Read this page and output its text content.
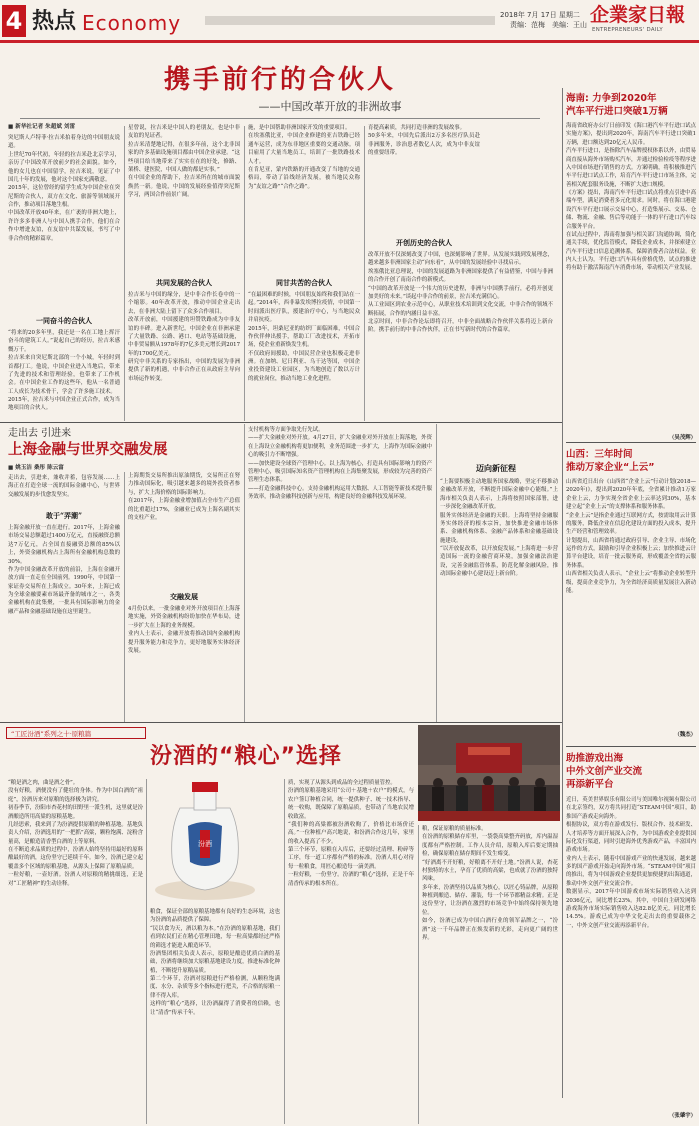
4 热点 Economy	2018年 7月 17日 星期二
责编：范梅　美编：王山 企業家日報
ENTREPRENEURS' DAILY
携手前行的合伙人
——中国改革开放的非洲故事
■ 新华社记者 朱超斌 刘雷
突尼斯人卢特菲·拉吉米拍着身边的中国朋友说道。
上世纪70年代初，年轻的拉吉米赴北京学习，亲历了中国改革开放前夕的社会面貌。如今，他的女儿也在中国留学，拉吉米说，见证了中国几十年的发展，他对这个国家充满敬意。
2015年，这位曾经的留学生成为中国企业在突尼斯的合伙人，双方在文化、旅游等领域展开合作，推动项目落地生根。
中国改革开放40年来，在广袤的非洲大地上，许许多多非洲人与中国人携手合作，他们在合作中增进友谊，在友谊中共谋发展，书写了中非合作的精彩篇章。
一同奋斗的合伙人
“将来的20多年里，我还是一名在工地上挥汗奋斗的建筑工人。”说起自己的经历，拉吉米感慨万千。
拉吉米来自突尼斯北部的一个小城，年轻时到首都打工。他说，中国企业进入当地后，带来了先进的技术和管理经验，也带来了工作机会。在中国企业工作的这些年，他从一名普通工人成长为技术骨干，学会了许多施工技术。
2015年，拉吉米与中国企业正式合作，成为当地项目的合伙人。
星曾说，拉吉米是中国人的老朋友，也是中非友谊的见证者。
拉吉米清楚地记得，在很多年前，这个北非国家的许多基础设施项目都由中国企业承建。“这些项目给当地带来了实实在在的好处，修路、架桥、建医院，中国人做的都是实事。”
在中国企业的帮助下，拉吉米所在的城市面貌焕然一新。他说，中国的发展经验值得突尼斯学习，两国合作前景广阔。
共同发展的合伙人
拉吉米与中国的缘分，是中非合作长卷中的一个缩影。40年改革开放，推动中国企业走出去，在非洲大陆上留下了众多合作项目。
改革开放前，中国援建的坦赞铁路成为中非友谊的丰碑。进入新世纪，中国企业在非洲承建了大量铁路、公路、港口、电站等基础设施，中非贸易额从1978年的7亿多美元增长到2017年的1700亿美元。
研究中非关系的专家指出，中国的发展为非洲提供了新的机遇，中非合作正在从政府主导向市场运作转变。
施，是中国帮助非洲国家开发的重要项目。
在埃塞俄比亚，中国企业修建的亚吉铁路已经通车运营，成为东非地区重要的交通动脉。项目雇用了大量当地员工，培训了一批铁路技术人才。
在肯尼亚，蒙内铁路的开通改变了当地的交通格局，带动了沿线经济发展，被当地民众称为“友谊之路”“合作之路”。
同甘共苦的合伙人
“在最困难的时候，中国朋友始终和我们站在一起。”2014年，西非暴发埃博拉疫情，中国第一时间派出医疗队，援建治疗中心，与当地民众并肩抗疫。
2015年，坦桑尼亚的纺织厂面临困难，中国合作伙伴伸出援手，帮助工厂改进技术，开拓市场，使企业重新焕发生机。
不仅政府间援助，中国民营企业也积极走进非洲。在加纳、尼日利亚、乌干达等国，中国企业投资建设工业园区，为当地创造了数以万计的就业岗位，推动当地工业化进程。
育提高素质，共同打造非洲的发展故事。
50多年来，中国先后派出2万多名医疗队员赴非洲服务，诊治患者数亿人次，成为中非友谊的重要纽带。
开创历史的合伙人
改革开放不仅深刻改变了中国，也深刻影响了世界。从发展实践到发展理念，越来越多非洲国家主动“向东看”，从中国的发展经验中寻找启示。
埃塞俄比亚总理说，中国的发展道路为非洲国家提供了有益借鉴，中国与非洲的合作开创了南南合作的新模式。
“中国的改革开放是一个伟大的历史进程，非洲与中国携手前行，必将开创更加美好的未来。”谈起中非合作的前景，拉吉米充满信心。
从工业园区到农业示范中心，从职业技术培训到文化交流，中非合作的领域不断拓展，合作的内涵日益丰富。
北京时间，中非合作论坛即将召开，中非全面战略合作伙伴关系将迈上新台阶。携手前行的中非合作伙伴，正在书写新时代的合作篇章。
海南: 力争到2020年
汽车平行进口突破1万辆
海南省政府办公厅日前印发《海口港汽车平行进口试点实施方案》，提出到2020年，海南汽车平行进口突破1万辆，进口额达到20亿元人民币。
汽车平行进口，是指除汽车品牌授权体系以外，由贸易商直接从海外市场购买汽车，并通过检验检疫等程序进入中国市场进行销售的方式。方案明确，将积极推进汽车平行进口试点工作，培育汽车平行进口市场主体，完善相关配套服务设施，不断扩大进口规模。
《方案》提出，海南汽车平行进口试点将重点引进中高端车型，满足消费者多元化需求。同时，将在海口港建设汽车平行进口展示交易中心，打造集展示、交易、仓储、物流、金融、售后等功能于一体的平行进口汽车综合服务平台。
在试点过程中，海南将加强与相关部门沟通协调，简化通关手续，优化监管模式，降低企业成本，并探索建立汽车平行进口信息追溯体系，保障消费者合法权益。业内人士认为，平行进口汽车具有价格优势，试点的推进将有助于激活海南汽车消费市场，带动相关产业发展。
（吴茂辉）
走出去 引进来
上海金融与世界交融发展
■ 姚玉洁 桑彤 陈云富
走出去，引进来，兼收并蓄，包容发展……上海正在打造全球一流的国际金融中心，与世界交融发展的步伐愈发坚实。
敢于“弄潮”
上海金融开放一直在进行。2017年，上海金融市场交易总额超过1400万亿元，直接融资总额达7万亿元，占全国直接融资总额的85%以上，外资金融机构占上海所有金融机构总数的30%。
作为中国金融改革开放的前沿，上海在金融开放方面一直走在全国前列。1990年，中国第一家证券交易所在上海成立。30年来，上海已成为全球金融要素市场最齐备的城市之一，各类金融机构在此集聚，一批具有国际影响力的金融产品和金融基础设施在这里诞生。
上海期货交易所推出原油期货，交易所正在努力推动国际化，吸引越来越多的境外投资者参与，扩大上海价格的国际影响力。
在2017年，上海金融业增加值占全市生产总值的比重超过17%，金融业已成为上海名副其实的支柱产业。
交融发展
4月份以来，一批金融业对外开放项目在上海落地实施，外资金融机构纷纷加快在华布局，进一步扩大在上海的业务规模。
业内人士表示，金融开放将推动国内金融机构提升服务能力和竞争力，更好地服务实体经济发展。
支付机构等方面争取先行先试。
——扩大金融业对外开放。4月27日，扩大金融业对外开放在上海落地，外资在上海设立金融机构将更加便利，业务范围进一步扩大，上海作为国际金融中心的吸引力不断增强。
——加快建设全球资产管理中心。以上海为核心，打造具有国际影响力的资产管理中心，吸引国际知名资产管理机构在上海集聚发展，形成较为完善的资产管理生态体系。
——打造金融科技中心。支持金融机构运用大数据、人工智能等新技术提升服务效率，推动金融科技创新与应用，构建良好的金融科技发展环境。
迈向新征程
“上海要积极主动地服务国家战略，坚定不移推动金融改革开放，不断提升国际金融中心能级。”上海市相关负责人表示，上海将按照国家部署，进一步深化金融改革开放。
服务实体经济是金融的天职。上海将坚持金融服务实体经济的根本宗旨，加快推进金融市场体系、金融机构体系、金融产品体系和金融基础设施建设。
“以开放促改革，以开放促发展。”上海将进一步营造国际一流的金融营商环境，加强金融法治建设，完善金融监管体系，防范化解金融风险，推动国际金融中心建设迈上新台阶。
山西：三年时间
推动万家企业“上云”
山西省近日出台《山西省“企业上云”行动计划(2018—2020年)》，提出到2020年年底，全省累计推动1万家企业上云，力争实现全省企业上云率达到30%，基本建立起“企业上云”的支撑体系和服务体系。
“企业上云”是指企业通过互联网方式，按需取用云计算的服务，降低企业在信息化建设方面的投入成本，提升生产经营和管理效率。
计划提出，山西省将通过政府引导、企业主导、市场化运作的方式，鼓励和引导企业积极上云；加快推进云计算平台建设，培育一批云服务商，形成覆盖全省的云服务体系。
山西省相关负责人表示，“企业上云”将推动企业转型升级，提高企业竞争力，为全省经济高质量发展注入新动能。
（魏杰）
“工匠汾酒”系列之十·原粮篇
汾酒的“粮心”选择
汾酒
“粮是酒之肉，曲是酒之骨”。
没有好粮，酒便没有了健壮的身体。作为中国白酒的“祖庭”，汾酒历来对原粮的选择极为讲究。
初春季节，汾阳市杏花村的田野里一派生机，这里就是汾酒酿造所用高粱的原粮基地。
几经思索，我来到了为汾酒提供原粮的种植基地。基地负责人介绍，汾酒选用的“一把抓”高粱，颗粒饱满、淀粉含量高，是酿造清香型白酒的上等原料。
在不断追求品质的过程中，汾酒人始终坚持用最好的原料酿最好的酒，这份坚守已延续千年。如今，汾酒已建立起覆盖多个区域的原粮基地，从源头上保障了原粮品质。
一粒好粮，一壶好酒。汾酒人对原粮的精挑细选，正是对“工匠精神”的生动诠释。
粮食，保证全部的原粮基地都有良好的生态环境，这也为汾酒的品质提供了保障。
“民以食为天，酒以粮为本。”在汾酒的原粮基地，我们看到农民们正在精心管理田地，每一粒高粱都经过严格的筛选才能进入酿造环节。
汾酒集团相关负责人表示，原粮是酿造优质白酒的基础，汾酒将继续加大原粮基地建设力度，推进标准化种植，不断提升原粮品质。
第二个环节，汾酒对原粮进行严格检测，从颗粒饱满度、水分、杂质等多个指标进行把关，不合格的原粮一律不得入库。
这样的“粮心”选择，让汾酒赢得了消费者的信赖，也让“清香”传承千年。
质，实现了从源头到成品的全过程质量管控。
汾酒的原粮基地采用“公司＋基地＋农户”的模式，与农户签订种植合同，统一提供种子、统一技术指导、统一收购，既保障了原粮品质，也带动了当地农民增收致富。
“我们种的高粱都被汾酒收购了，价格比市场价还高。”一位种植户高兴地说，和汾酒合作这几年，家里的收入提高了不少。
第三个环节，原粮在入库后，还要经过清理、粉碎等工序，每一道工序都有严格的标准。汾酒人用心对待每一粒粮食，用匠心酿造每一滴美酒。
一粒好粮，一份坚守。汾酒的“粮心”选择，正是千年清香传承的根本所在。
粮，保证原粮的质量标准。
在汾酒的原粮储存库里，一袋袋高粱整齐码放，库内温湿度都有严格控制。工作人员介绍，原粮入库后要定期抽检，确保原粮在储存期间不发生霉变。
“好酒离不开好粮，好粮离不开好土地。”汾酒人说，杏花村独特的水土，孕育了优质的高粱，也成就了汾酒的独特风味。
多年来，汾酒坚持以品质为核心，以匠心铸品牌，从原粮种植到酿造、储存、灌装，每一个环节都精益求精。正是这份坚守，让汾酒在激烈的市场竞争中始终保持领先地位。
如今，汾酒已成为中国白酒行业的领军品牌之一，“汾酒”这一千年品牌正在焕发新的光彩，走向更广阔的世界。
助推游戏出海
中外文创产业交流
再添新平台
近日，英美世界娱乐有限公司与美国唯尔视频有限公司在北京签约，双方将共同打造“STEAM中国”项目，助推国产游戏走向海外。
根据协议，双方将在游戏发行、版权合作、技术研发、人才培养等方面开展深入合作，为中国游戏企业提供国际化发行渠道，同时引进海外优秀游戏产品，丰富国内游戏市场。
业内人士表示，随着中国游戏产业的快速发展，越来越多的国产游戏开始走向海外市场。“STEAM中国”项目的推出，将为中国游戏企业提供更加便捷的出海通道，推动中外文创产业交流合作。
数据显示，2017年中国游戏市场实际销售收入达到2036亿元，同比增长23%。其中，中国自主研发网络游戏海外市场实际销售收入达82.8亿美元，同比增长14.5%。游戏已成为中华文化走出去的重要载体之一，中外文创产业交流再添新平台。
（张肇宇）
